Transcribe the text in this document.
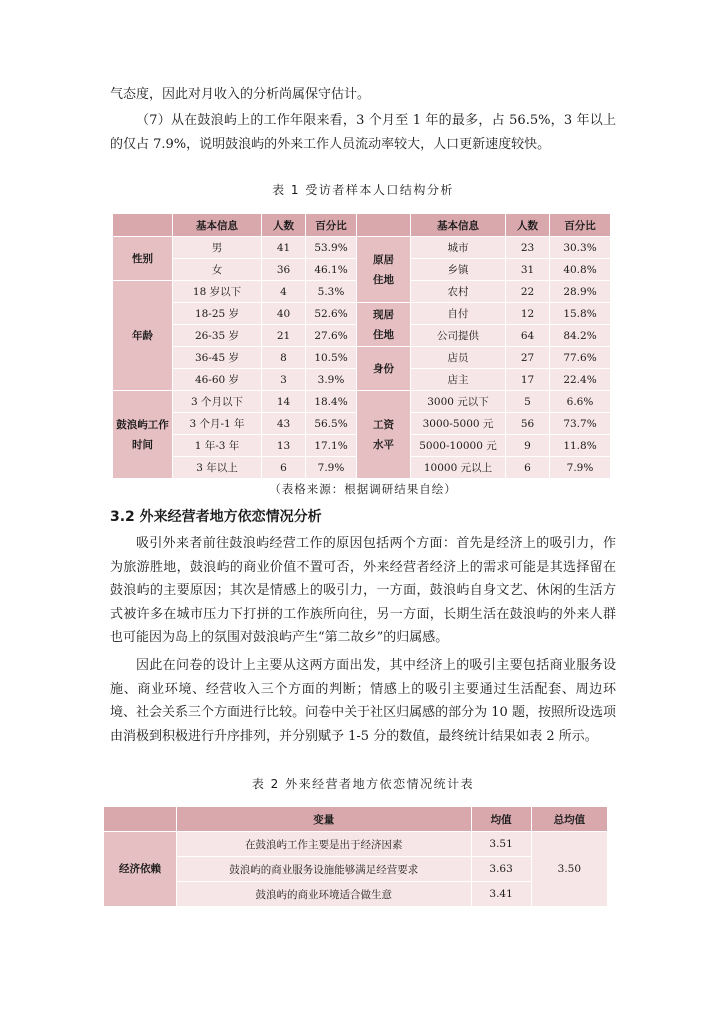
气态度，因此对月收入的分析尚属保守估计。

（7）从在鼓浪屿上的工作年限来看，3 个月至 1 年的最多，占 56.5%，3 年以上的仅占 7.9%，说明鼓浪屿的外来工作人员流动率较大，人口更新速度较快。

表 1 受访者样本人口结构分析
	基本信息	人数	百分比		基本信息	人数	百分比
性别	男	41	53.9%	原居住地	城市	23	30.3%
	女	36	46.1%		乡镇	31	40.8%
年龄	18 岁以下	4	5.3%		农村	22	28.9%
	18-25 岁	40	52.6%	现居住地	自付	12	15.8%
	26-35 岁	21	27.6%		公司提供	64	84.2%
	36-45 岁	8	10.5%	身份	店员	27	77.6%
	46-60 岁	3	3.9%		店主	17	22.4%
鼓浪屿工作时间	3 个月以下	14	18.4%	工资水平	3000 元以下	5	6.6%
	3 个月-1 年	43	56.5%		3000-5000 元	56	73.7%
	1 年-3 年	13	17.1%		5000-10000 元	9	11.8%
	3 年以上	6	7.9%		10000 元以上	6	7.9%
（表格来源：根据调研结果自绘）
3.2 外来经营者地方依恋情况分析

吸引外来者前往鼓浪屿经营工作的原因包括两个方面：首先是经济上的吸引力，作为旅游胜地，鼓浪屿的商业价值不置可否，外来经营者经济上的需求可能是其选择留在鼓浪屿的主要原因；其次是情感上的吸引力，一方面，鼓浪屿自身文艺、休闲的生活方式被许多在城市压力下打拼的工作族所向往，另一方面，长期生活在鼓浪屿的外来人群也可能因为岛上的氛围对鼓浪屿产生“第二故乡”的归属感。

因此在问卷的设计上主要从这两方面出发，其中经济上的吸引主要包括商业服务设施、商业环境、经营收入三个方面的判断；情感上的吸引主要通过生活配套、周边环境、社会关系三个方面进行比较。问卷中关于社区归属感的部分为 10 题，按照所设选项由消极到积极进行升序排列，并分别赋予 1-5 分的数值，最终统计结果如表 2 所示。

表 2 外来经营者地方依恋情况统计表
	变量	均值	总均值
经济依赖	在鼓浪屿工作主要是出于经济因素	3.51	3.50
	鼓浪屿的商业服务设施能够满足经营要求	3.63	
	鼓浪屿的商业环境适合做生意	3.41	
